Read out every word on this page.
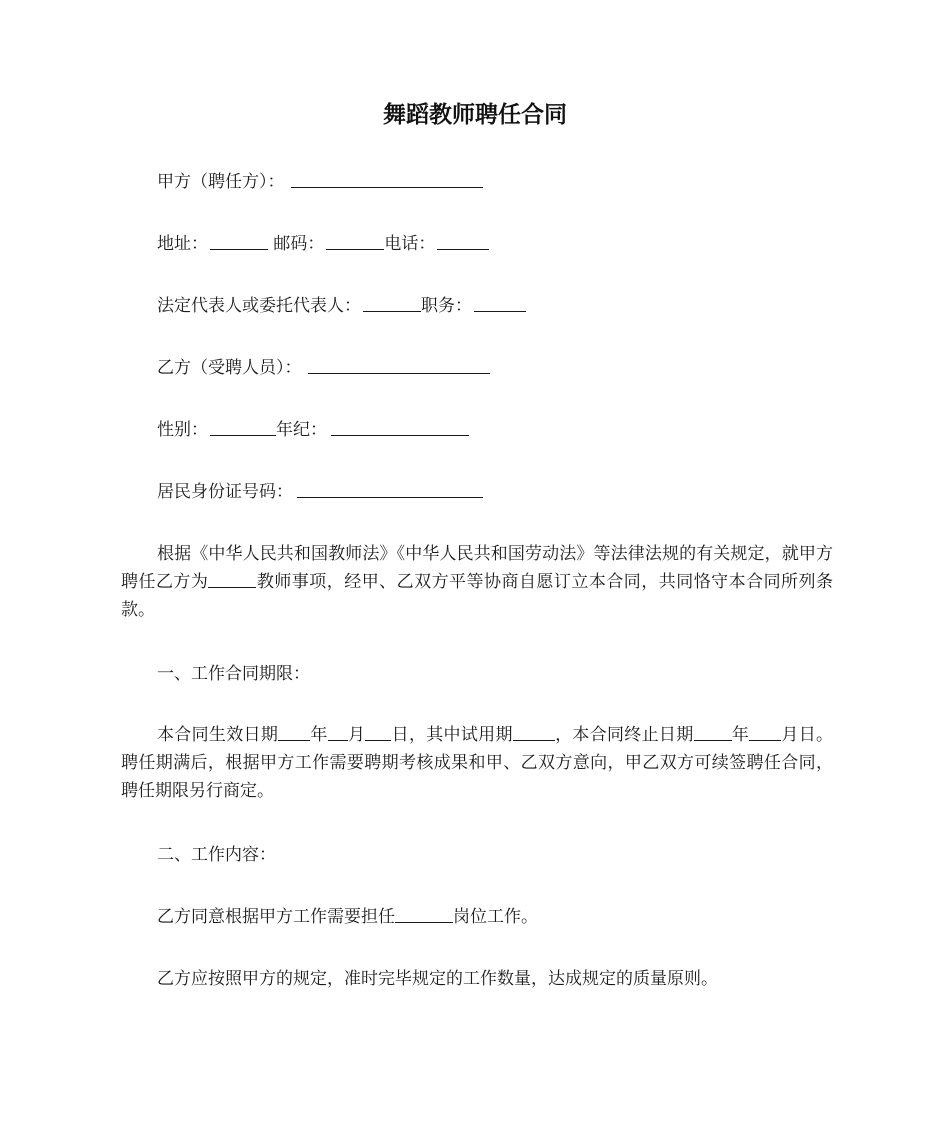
舞蹈教师聘任合同
甲方（聘任方）：
地址：	邮码：	电话：
法定代表人或委托代表人：	职务：
乙方（受聘人员）：
性别：	年纪：
居民身份证号码：
根据《中华人民共和国教师法》《中华人民共和国劳动法》等法律法规的有关规定，就甲方聘任乙方为	教师事项，经甲、乙双方平等协商自愿订立本合同，共同恪守本合同所列条款。
一、工作合同期限：
本合同生效日期 年 月 日，其中试用期 ，本合同终止日期 年 月日。聘任期满后，根据甲方工作需要聘期考核成果和甲、乙双方意向，甲乙双方可续签聘任合同，聘任期限另行商定。
二、工作内容：
乙方同意根据甲方工作需要担任	岗位工作。
乙方应按照甲方的规定，准时完毕规定的工作数量，达成规定的质量原则。
